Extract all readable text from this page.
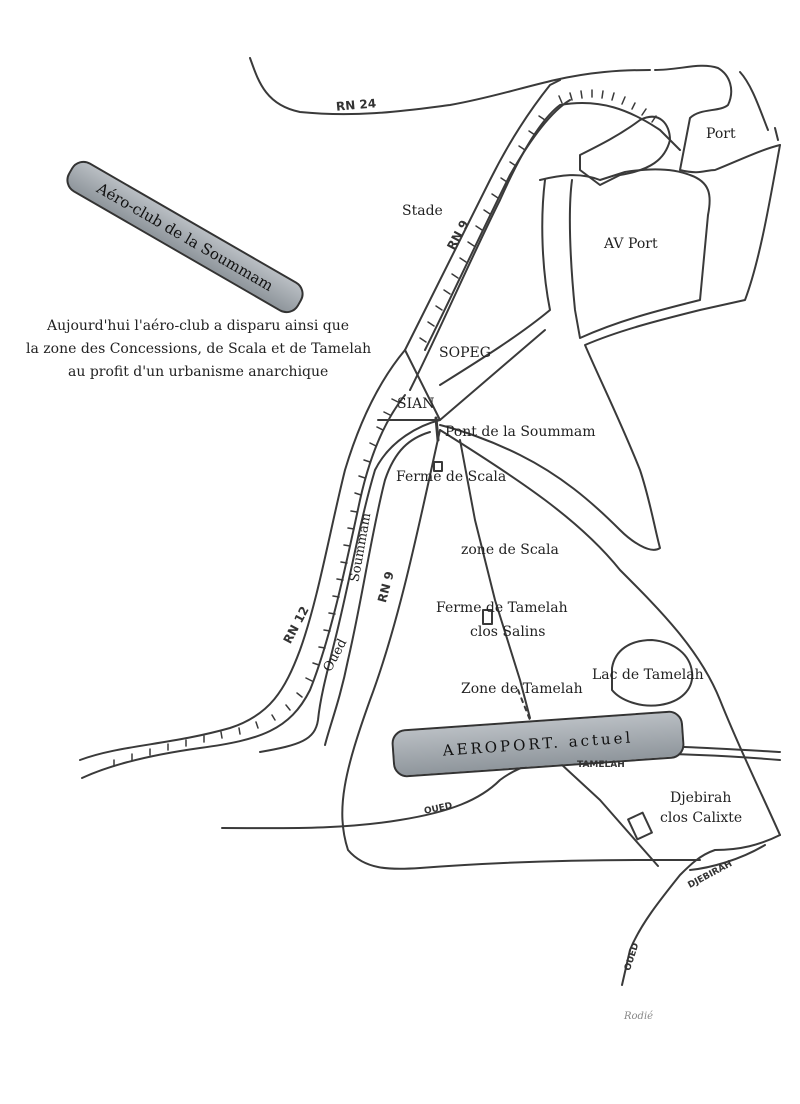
Aéro-club de la Soummam
Aujourd'hui l'aéro-club a disparu ainsi que
la zone des Concessions, de Scala et de Tamelah
au profit d'un urbanisme anarchique
AEROPORT. actuel
RN 24
Port
Stade
RN 9	AV Port
SOPEG
SIAN
Pont de la Soummam
Ferme de Scala
zone de Scala
Ferme de Tamelah
clos Salins
Soummam
RN 9
RN 12
Oued
Lac de Tamelah
Zone de Tamelah
TAMELAH
OUED
Djebirah
clos Calixte
DJEBIRAH
OUED
Rodié
